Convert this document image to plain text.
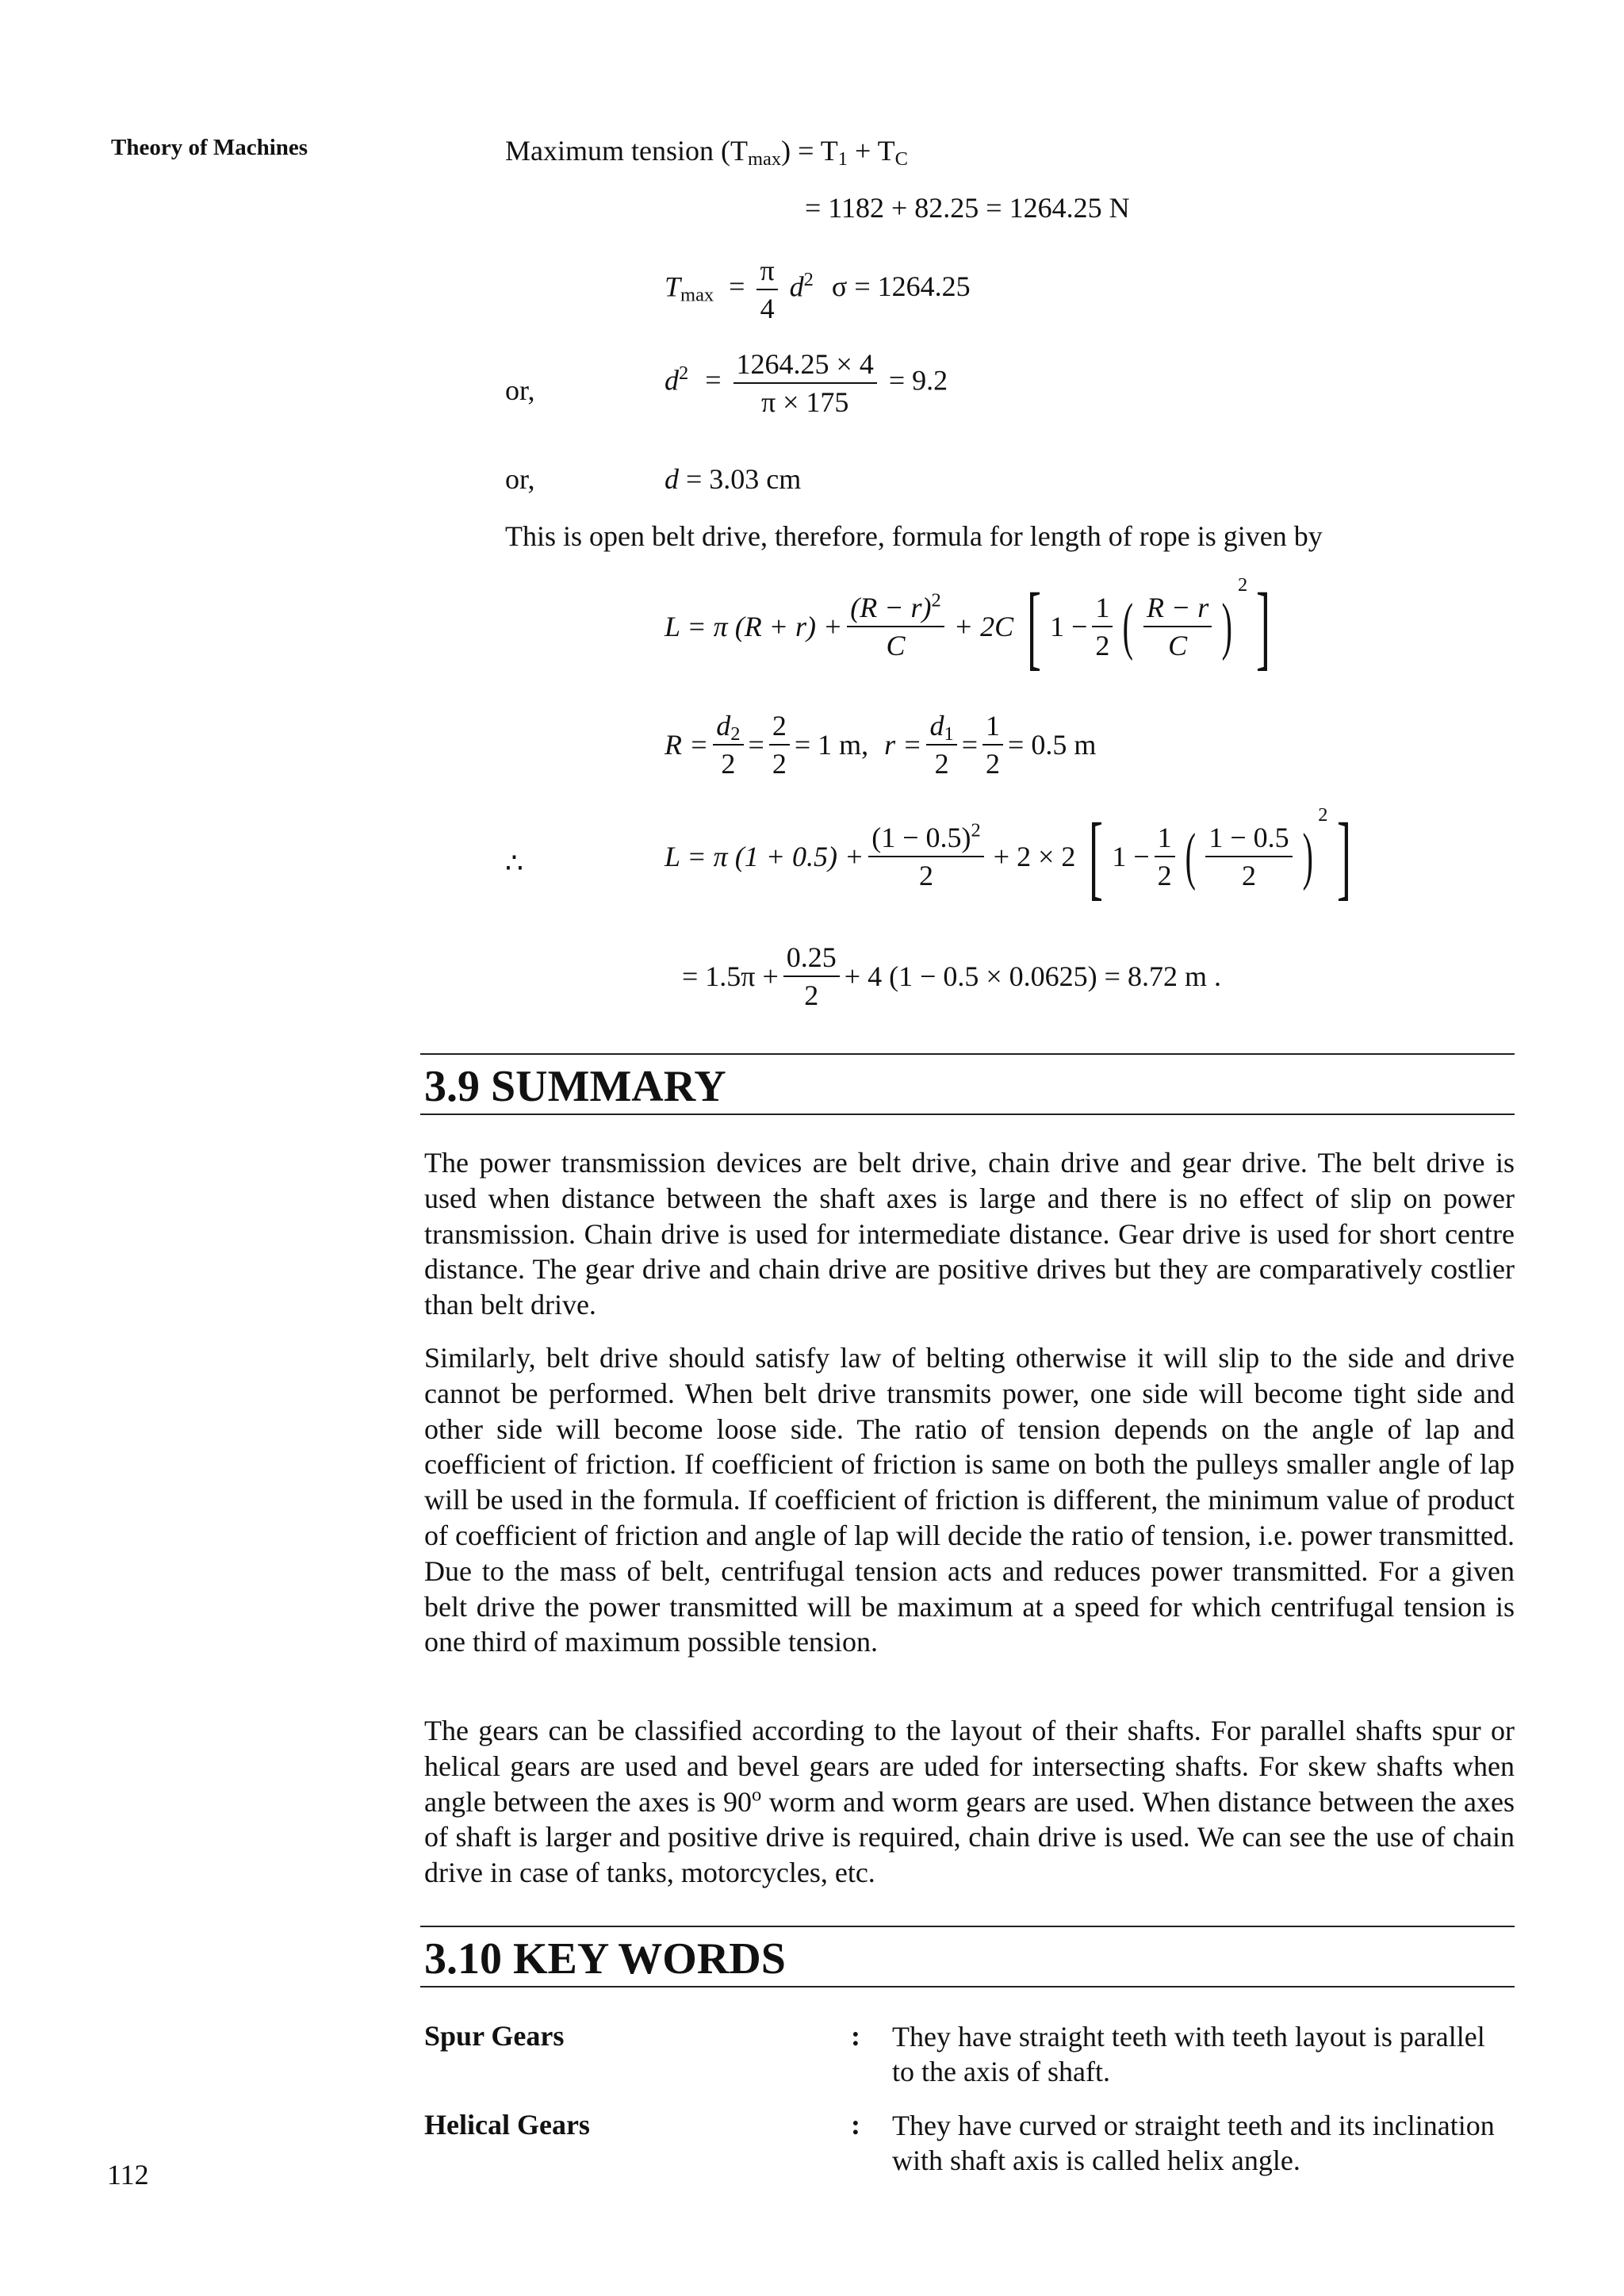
Theory of Machines
112
Maximum tension $(T_{max}) = T_1 + T_C$
= 1182 + 82.25 = 1264.25 N
$T_{max} = \frac{\pi}{4} d^2$ σ = 1264.25
or,	$d^2 = \frac{1264.25 \times 4}{\pi \times 175} = 9.2$
or,	d = 3.03 cm
This is open belt drive, therefore, formula for length of rope is given by
L = π $(R + r) + \frac{(R - r)^2}{C} + 2C$ [ $1 - \frac{1}{2}$ ( $\frac{R - r}{C}$ )
2 ]
$R = \frac{d_2}{2} = \frac{2}{2} = 1$ m, $r = \frac{d_1}{2} = \frac{1}{2} = 0.5$ m
∴	L = π $(1 + 0.5) + \frac{(1 - 0.5)^2}{2} + 2 \times 2$ [ $1 - \frac{1}{2}$ ( $\frac{1 - 0.5}{2}$ )
2 ]
= $1.5\pi + \frac{0.25}{2} + 4$ (1 − 0.5 × 0.0625) = 8.72 m .
3.9 SUMMARY
The power transmission devices are belt drive, chain drive and gear drive. The belt drive is used when distance between the shaft axes is large and there is no effect of slip on power transmission. Chain drive is used for intermediate distance. Gear drive is used for short centre distance. The gear drive and chain drive are positive drives but they are comparatively costlier than belt drive.
Similarly, belt drive should satisfy law of belting otherwise it will slip to the side and drive cannot be performed. When belt drive transmits power, one side will become tight side and other side will become loose side. The ratio of tension depends on the angle of lap and coefficient of friction. If coefficient of friction is same on both the pulleys smaller angle of lap will be used in the formula. If coefficient of friction is different, the minimum value of product of coefficient of friction and angle of lap will decide the ratio of tension, i.e. power transmitted. Due to the mass of belt, centrifugal tension acts and reduces power transmitted. For a given belt drive the power transmitted will be maximum at a speed for which centrifugal tension is one third of maximum possible tension.
The gears can be classified according to the layout of their shafts. For parallel shafts spur or helical gears are used and bevel gears are uded for intersecting shafts. For skew shafts when angle between the axes is 90$^o$ worm and worm gears are used. When distance between the axes of shaft is larger and positive drive is required, chain drive is used. We can see the use of chain drive in case of tanks, motorcycles, etc.
3.10 KEY WORDS
Spur Gears	: They have straight teeth with teeth layout is parallel to the axis of shaft.
Helical Gears	: They have curved or straight teeth and its inclination with shaft axis is called helix angle.
